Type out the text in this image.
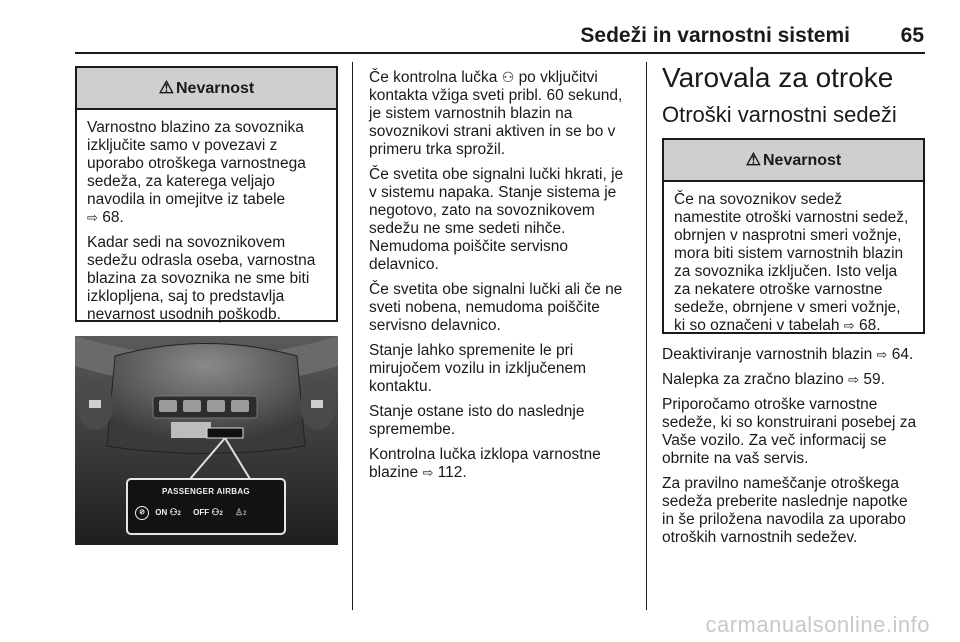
Sedeži in varnostni sistemi 65
⚠ Nevarnost

Varnostno blazino za sovoznika
izključite samo v povezavi z
uporabo otroškega varnostnega
sedeža, za katerega veljajo
navodila in omejitve iz tabele
⇨ 68.

Kadar sedi na sovoznikovem
sedežu odrasla oseba, varnostna
blazina za sovoznika ne sme biti
izklopljena, saj to predstavlja
nevarnost usodnih poškodb.

PASSENGER AIRBAG
⊘ ON ⚇2 OFF ⚇2 ♙2

Če kontrolna lučka ⚇ po vključitvi
kontakta vžiga sveti pribl. 60 sekund,
je sistem varnostnih blazin na
sovoznikovi strani aktiven in se bo v
primeru trka sprožil.

Če svetita obe signalni lučki hkrati, je
v sistemu napaka. Stanje sistema je
negotovo, zato na sovoznikovem
sedežu ne sme sedeti nihče.
Nemudoma poiščite servisno
delavnico.

Če svetita obe signalni lučki ali če ne
sveti nobena, nemudoma poiščite
servisno delavnico.

Stanje lahko spremenite le pri
mirujočem vozilu in izključenem
kontaktu.

Stanje ostane isto do naslednje
spremembe.

Kontrolna lučka izklopa varnostne
blazine ⇨ 112.

Varovala za otroke
Otroški varnostni sedeži
⚠ Nevarnost
Če na sovoznikov sedež
namestite otroški varnostni sedež,
obrnjen v nasprotni smeri vožnje,
mora biti sistem varnostnih blazin
za sovoznika izključen. Isto velja
za nekatere otroške varnostne
sedeže, obrnjene v smeri vožnje,
ki so označeni v tabelah ⇨ 68.

Deaktiviranje varnostnih blazin ⇨ 64.

Nalepka za zračno blazino ⇨ 59.

Priporočamo otroške varnostne
sedeže, ki so konstruirani posebej za
Vaše vozilo. Za več informacij se
obrnite na vaš servis.

Za pravilno nameščanje otroškega
sedeža preberite naslednje napotke
in še priložena navodila za uporabo
otroških varnostnih sedežev.

carmanualsonline.info
